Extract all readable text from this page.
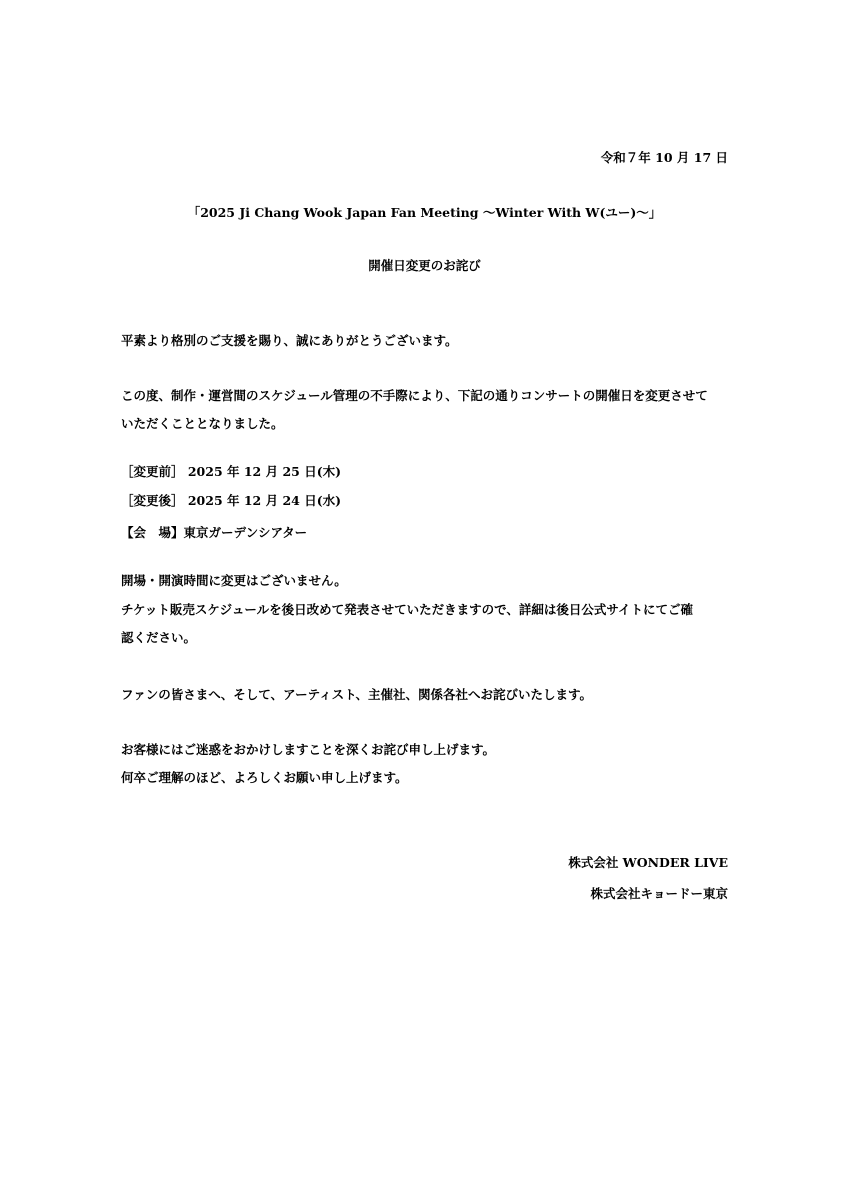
令和７年 10 月 17 日
「2025 Ji Chang Wook Japan Fan Meeting ～Winter With W(ユー)～」
開催日変更のお詫び
平素より格別のご支援を賜り、誠にありがとうございます。
この度、制作・運営間のスケジュール管理の不手際により、下記の通りコンサートの開催日を変更させて
いただくこととなりました。
［変更前］ 2025 年 12 月 25 日(木)
［変更後］ 2025 年 12 月 24 日(水)
【会　場】東京ガーデンシアター
開場・開演時間に変更はございません。
チケット販売スケジュールを後日改めて発表させていただきますので、詳細は後日公式サイトにてご確
認ください。
ファンの皆さまへ、そして、アーティスト、主催社、関係各社へお詫びいたします。
お客様にはご迷惑をおかけしますことを深くお詫び申し上げます。
何卒ご理解のほど、よろしくお願い申し上げます。
株式会社 WONDER LIVE
株式会社キョードー東京
